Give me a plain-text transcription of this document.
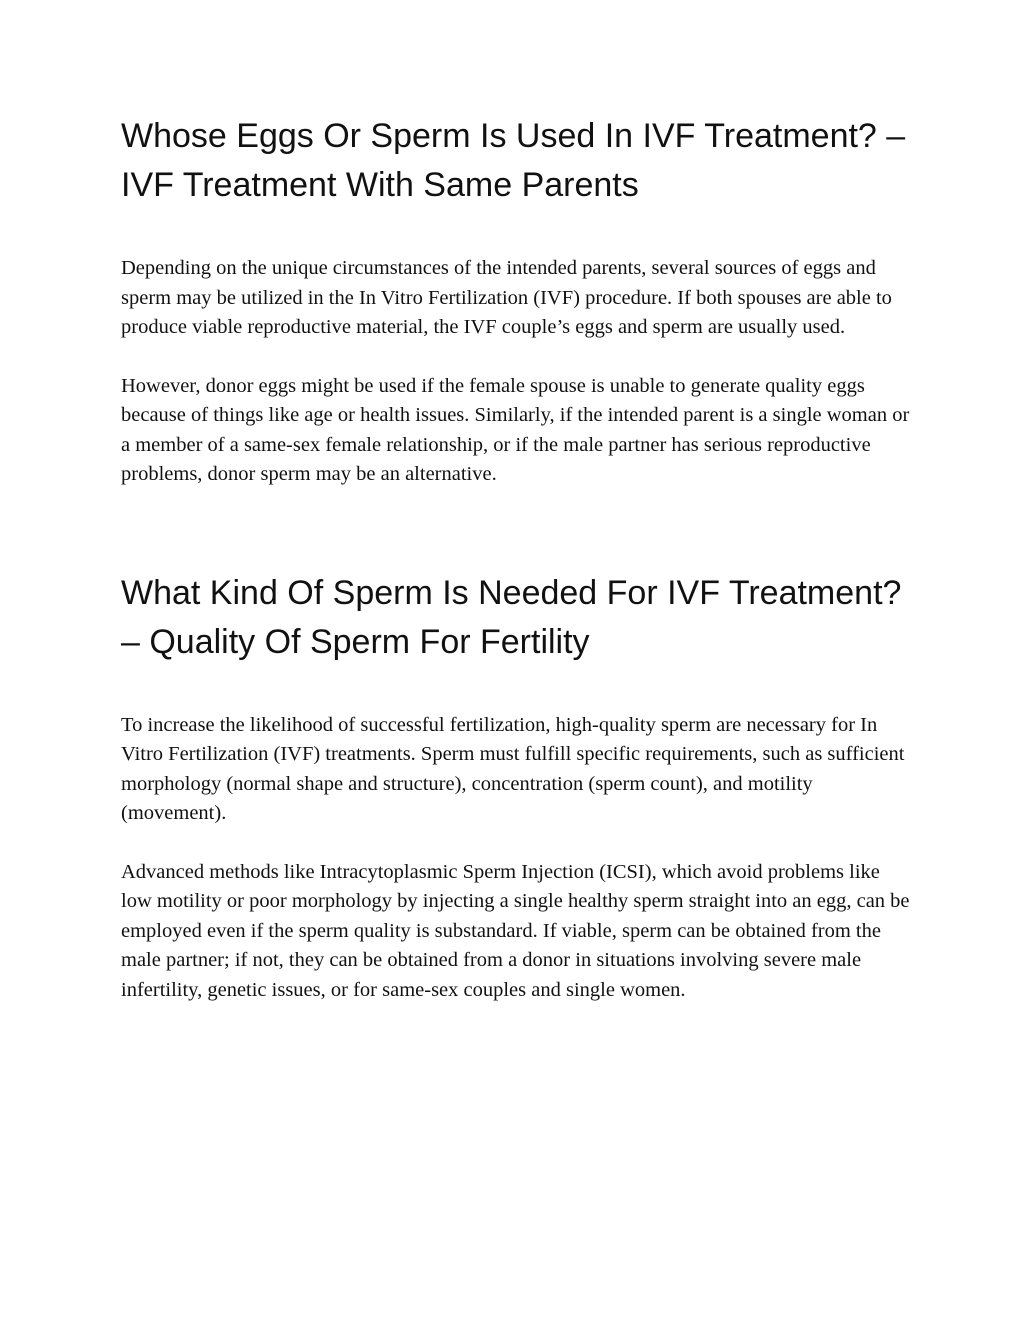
Whose Eggs Or Sperm Is Used In IVF Treatment? – IVF Treatment With Same Parents

Depending on the unique circumstances of the intended parents, several sources of eggs and sperm may be utilized in the In Vitro Fertilization (IVF) procedure. If both spouses are able to produce viable reproductive material, the IVF couple’s eggs and sperm are usually used.

However, donor eggs might be used if the female spouse is unable to generate quality eggs because of things like age or health issues. Similarly, if the intended parent is a single woman or a member of a same-sex female relationship, or if the male partner has serious reproductive problems, donor sperm may be an alternative.

What Kind Of Sperm Is Needed For IVF Treatment? – Quality Of Sperm For Fertility

To increase the likelihood of successful fertilization, high-quality sperm are necessary for In Vitro Fertilization (IVF) treatments. Sperm must fulfill specific requirements, such as sufficient morphology (normal shape and structure), concentration (sperm count), and motility (movement).

Advanced methods like Intracytoplasmic Sperm Injection (ICSI), which avoid problems like low motility or poor morphology by injecting a single healthy sperm straight into an egg, can be employed even if the sperm quality is substandard. If viable, sperm can be obtained from the male partner; if not, they can be obtained from a donor in situations involving severe male infertility, genetic issues, or for same-sex couples and single women.
